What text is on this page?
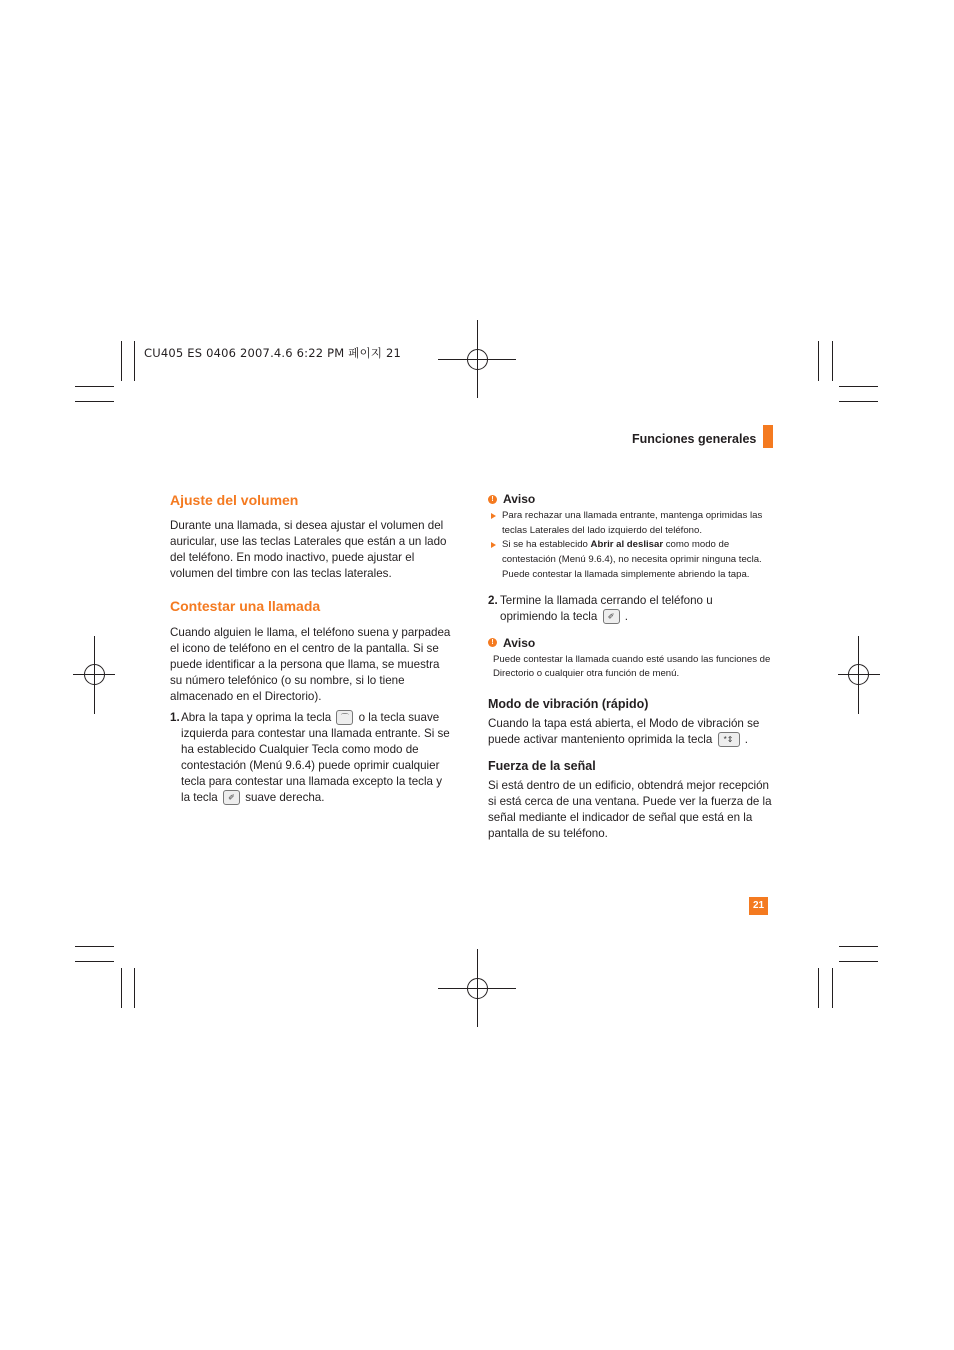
CU405 ES 0406 2007.4.6 6:22 PM 페이지 21
Funciones generales
Ajuste del volumen
Durante una llamada, si desea ajustar el volumen del auricular, use las teclas Laterales que están a un lado del teléfono. En modo inactivo, puede ajustar el volumen del timbre con las teclas laterales.
Contestar una llamada
Cuando alguien le llama, el teléfono suena y parpadea el icono de teléfono en el centro de la pantalla. Si se puede identificar a la persona que llama, se muestra su número telefónico (o su nombre, si lo tiene almacenado en el Directorio).
1. Abra la tapa y oprima la tecla	⌒ o la tecla suave izquierda para contestar una llamada entrante. Si se ha establecido Cualquier Tecla como modo de contestación (Menú 9.6.4) puede oprimir cualquier tecla para contestar una llamada excepto la tecla y la tecla	✐ suave derecha.
! Aviso
Para rechazar una llamada entrante, mantenga oprimidas las teclas Laterales del lado izquierdo del teléfono.
Si se ha establecido Abrir al deslisar como modo de contestación (Menú 9.6.4), no necesita oprimir ninguna tecla. Puede contestar la llamada simplemente abriendo la tapa.
2. Termine la llamada cerrando el teléfono u oprimiendo la tecla	✐ .
! Aviso
Puede contestar la llamada cuando esté usando las funciones de Directorio o cualquier otra función de menú.
Modo de vibración (rápido)
Cuando la tapa está abierta, el Modo de vibración se puede activar manteniento oprimida la tecla	*⇕ .
Fuerza de la señal
Si está dentro de un edificio, obtendrá mejor recepción si está cerca de una ventana. Puede ver la fuerza de la señal mediante el indicador de señal que está en la pantalla de su teléfono.
21
